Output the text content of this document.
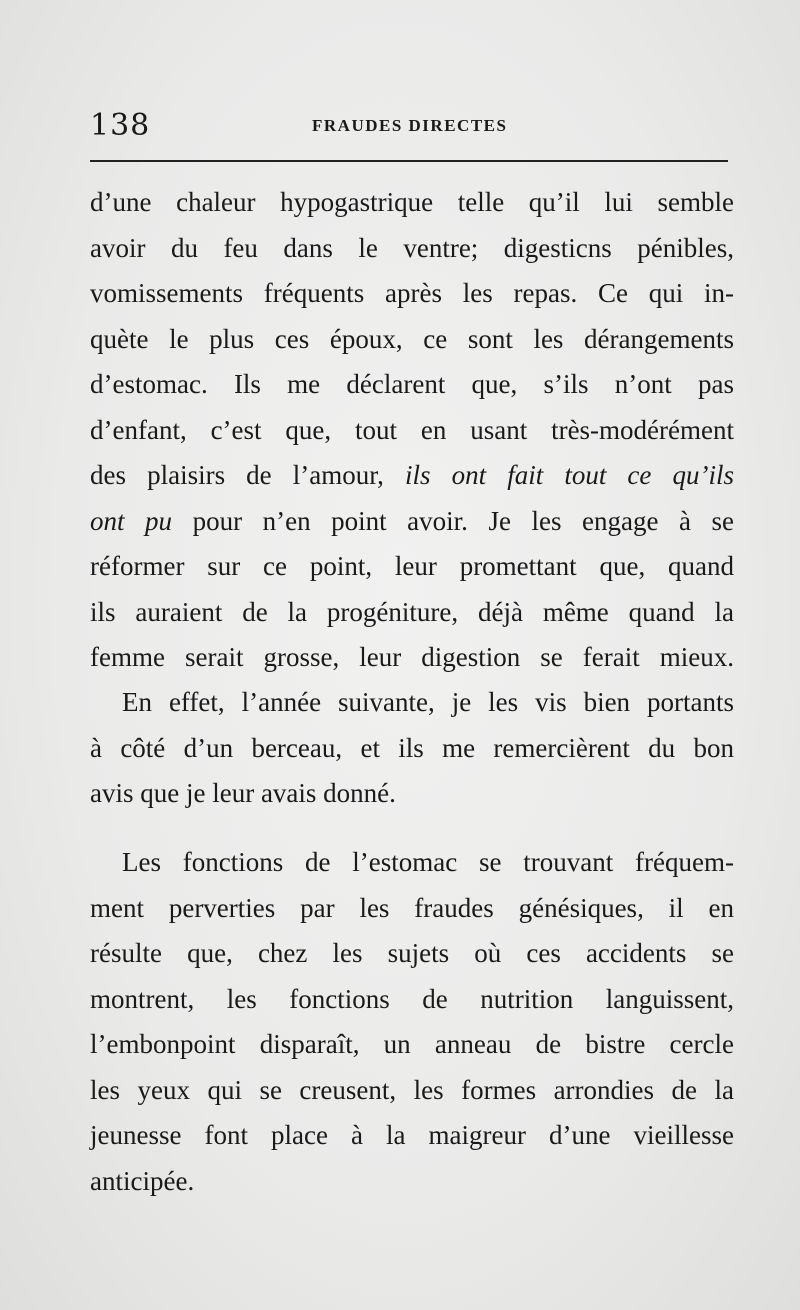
138	FRAUDES DIRECTES
d’une chaleur hypogastrique telle qu’il lui semble
avoir du feu dans le ventre; digesticns pénibles,
vomissements fréquents après les repas. Ce qui in-
quète le plus ces époux, ce sont les dérangements
d’estomac. Ils me déclarent que, s’ils n’ont pas
d’enfant, c’est que, tout en usant très-modérément
des plaisirs de l’amour, ils ont fait tout ce qu’ils
ont pu pour n’en point avoir. Je les engage à se
réformer sur ce point, leur promettant que, quand
ils auraient de la progéniture, déjà même quand la
femme serait grosse, leur digestion se ferait mieux.
En effet, l’année suivante, je les vis bien portants
à côté d’un berceau, et ils me remercièrent du bon
avis que je leur avais donné.
Les fonctions de l’estomac se trouvant fréquem-
ment perverties par les fraudes génésiques, il en
résulte que, chez les sujets où ces accidents se
montrent, les fonctions de nutrition languissent,
l’embonpoint disparaît, un anneau de bistre cercle
les yeux qui se creusent, les formes arrondies de la
jeunesse font place à la maigreur d’une vieillesse
anticipée.
